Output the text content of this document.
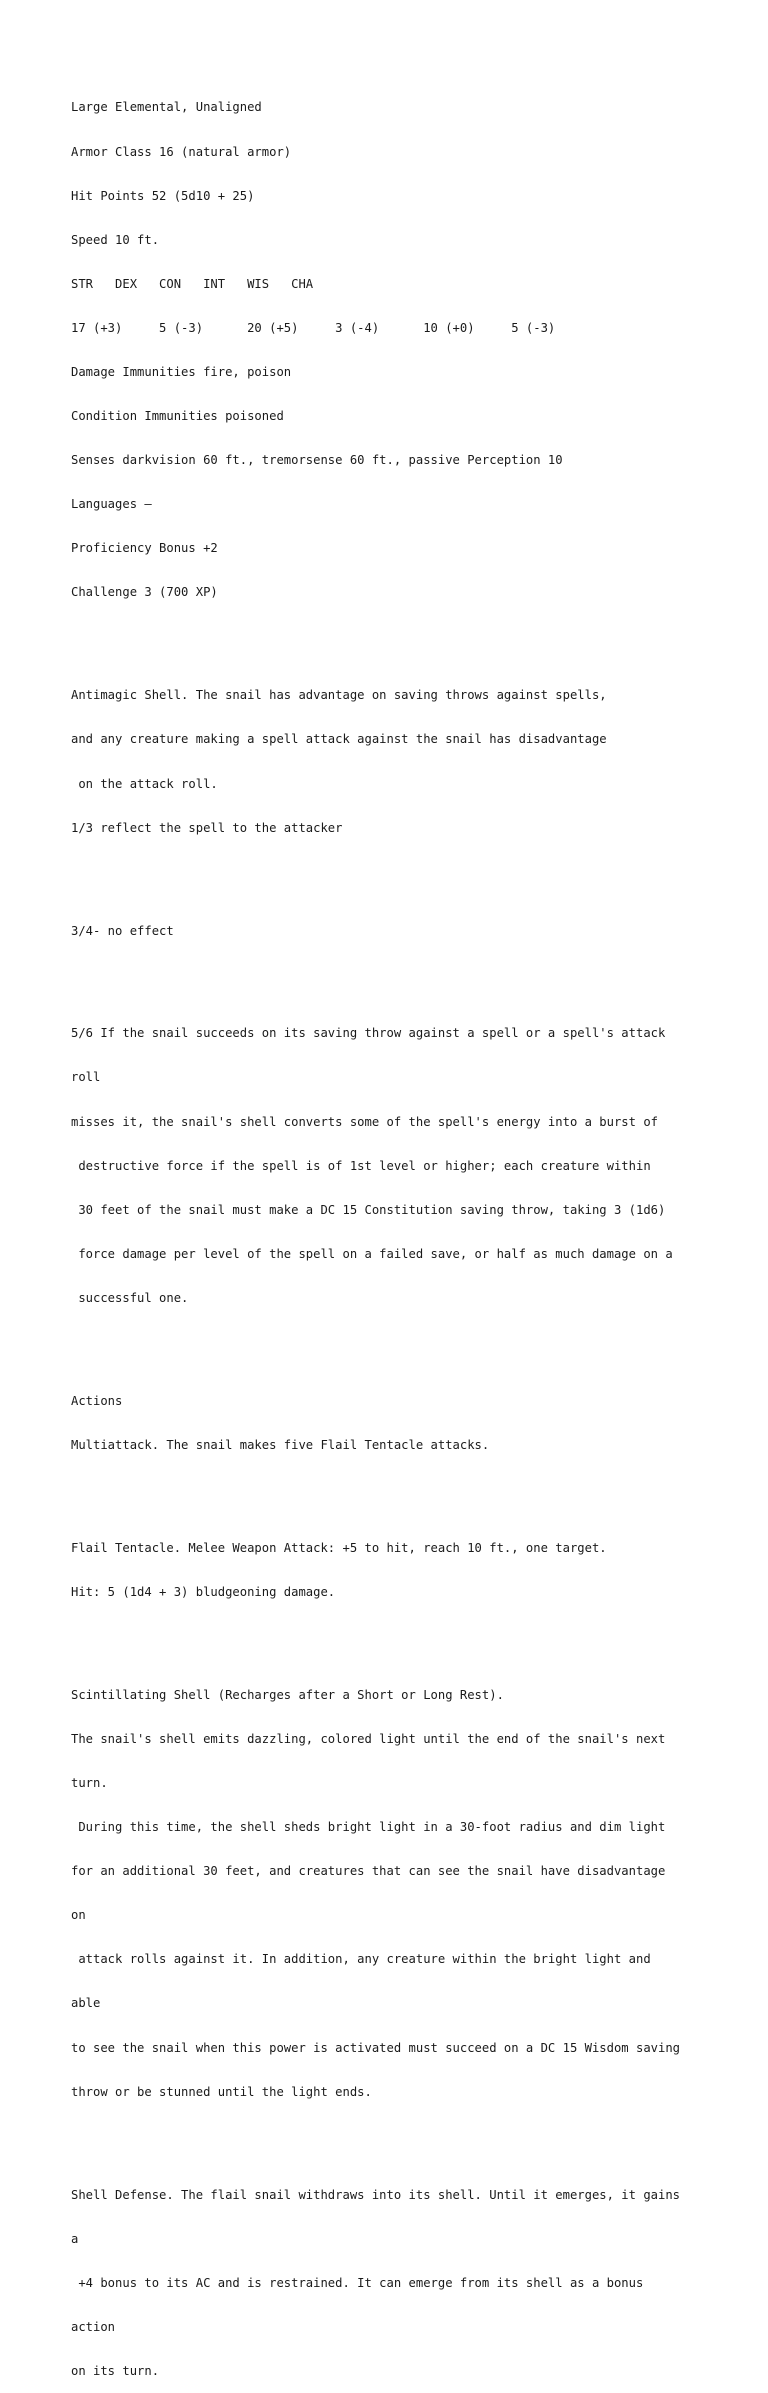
Large Elemental, Unaligned

Armor Class 16 (natural armor)

Hit Points 52 (5d10 + 25)

Speed 10 ft.

STR   DEX   CON   INT   WIS   CHA

17 (+3)     5 (-3)      20 (+5)     3 (-4)      10 (+0)     5 (-3)

Damage Immunities fire, poison

Condition Immunities poisoned

Senses darkvision 60 ft., tremorsense 60 ft., passive Perception 10

Languages —

Proficiency Bonus +2

Challenge 3 (700 XP)

Antimagic Shell. The snail has advantage on saving throws against spells,

and any creature making a spell attack against the snail has disadvantage

on the attack roll.

1/3 reflect the spell to the attacker

3/4- no effect

5/6 If the snail succeeds on its saving throw against a spell or a spell's attack

roll

misses it, the snail's shell converts some of the spell's energy into a burst of

destructive force if the spell is of 1st level or higher; each creature within

30 feet of the snail must make a DC 15 Constitution saving throw, taking 3 (1d6)

force damage per level of the spell on a failed save, or half as much damage on a

successful one.

Actions

Multiattack. The snail makes five Flail Tentacle attacks.

Flail Tentacle. Melee Weapon Attack: +5 to hit, reach 10 ft., one target.

Hit: 5 (1d4 + 3) bludgeoning damage.

Scintillating Shell (Recharges after a Short or Long Rest).

The snail's shell emits dazzling, colored light until the end of the snail's next

turn.

During this time, the shell sheds bright light in a 30-foot radius and dim light

for an additional 30 feet, and creatures that can see the snail have disadvantage

on

attack rolls against it. In addition, any creature within the bright light and

able

to see the snail when this power is activated must succeed on a DC 15 Wisdom saving

throw or be stunned until the light ends.

Shell Defense. The flail snail withdraws into its shell. Until it emerges, it gains

a

+4 bonus to its AC and is restrained. It can emerge from its shell as a bonus

action

on its turn.
